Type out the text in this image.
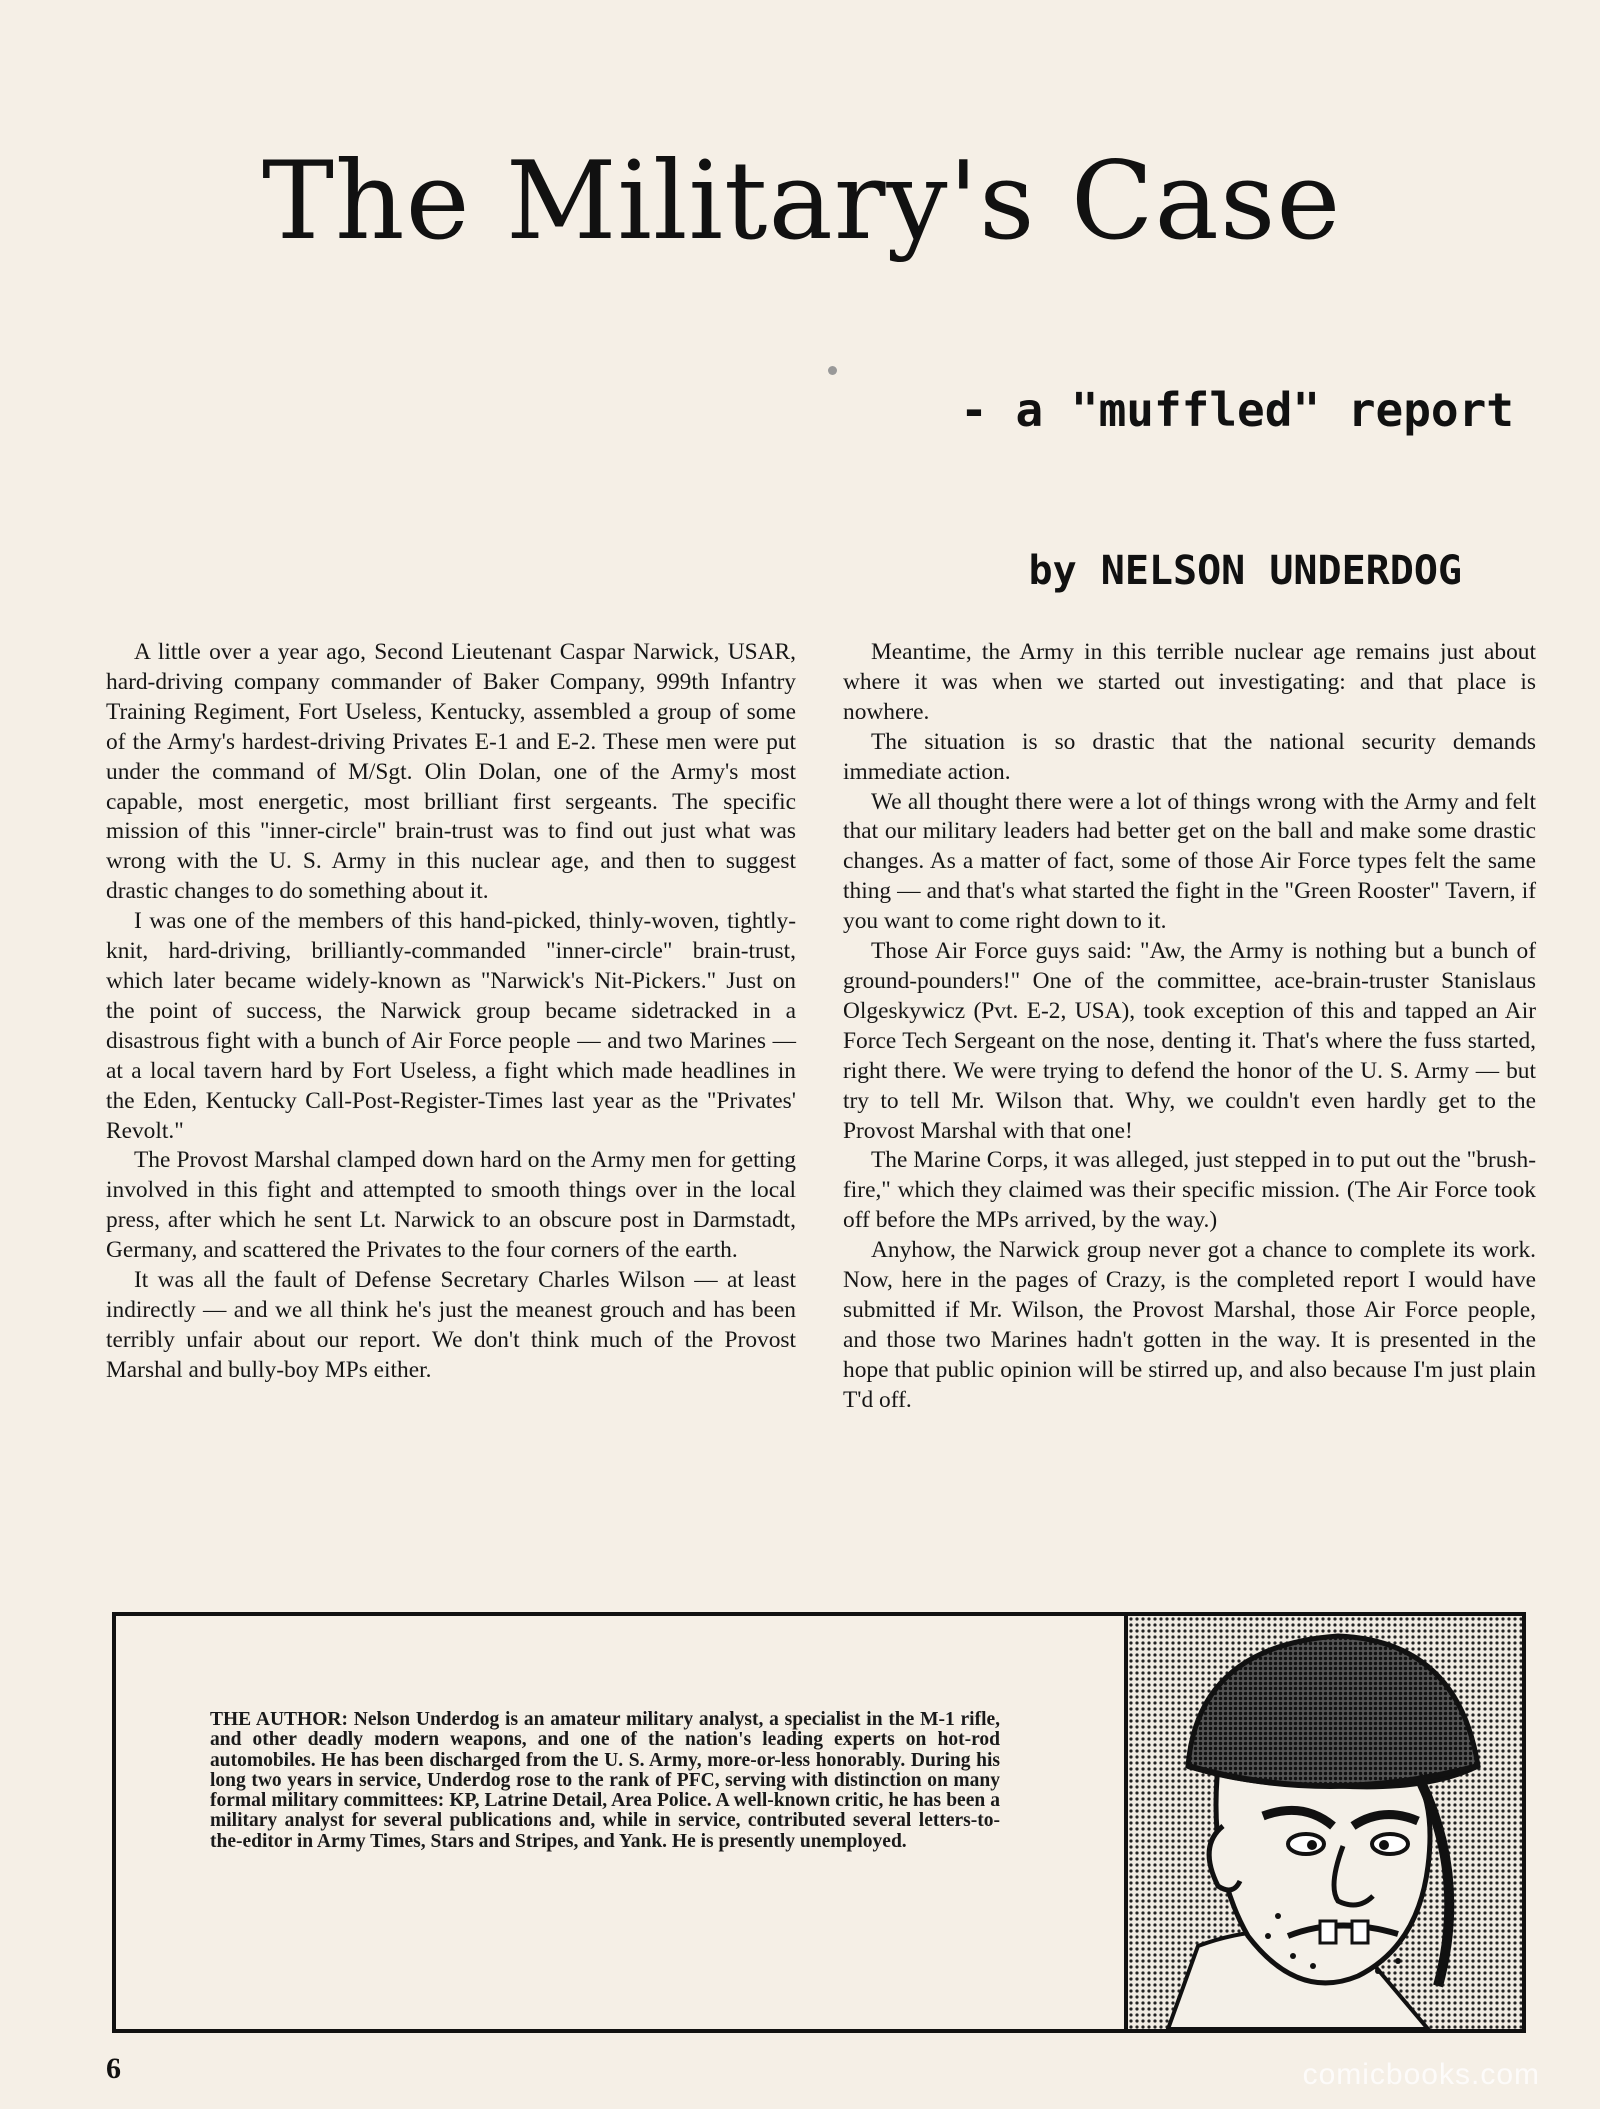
The Military's Case
- a "muffled" report
by NELSON UNDERDOG

A little over a year ago, Second Lieutenant Caspar Narwick, USAR, hard-driving company commander of Baker Company, 999th Infantry Training Regiment, Fort Useless, Kentucky, assembled a group of some of the Army's hardest-driving Privates E-1 and E-2. These men were put under the command of M/Sgt. Olin Dolan, one of the Army's most capable, most energetic, most brilliant first sergeants. The specific mission of this "inner-circle" brain-trust was to find out just what was wrong with the U. S. Army in this nuclear age, and then to suggest drastic changes to do something about it.

I was one of the members of this hand-picked, thinly-woven, tightly-knit, hard-driving, brilliantly-commanded "inner-circle" brain-trust, which later became widely-known as "Narwick's Nit-Pickers." Just on the point of success, the Narwick group became sidetracked in a disastrous fight with a bunch of Air Force people — and two Marines — at a local tavern hard by Fort Useless, a fight which made headlines in the Eden, Kentucky Call-Post-Register-Times last year as the "Privates' Revolt."

The Provost Marshal clamped down hard on the Army men for getting involved in this fight and attempted to smooth things over in the local press, after which he sent Lt. Narwick to an obscure post in Darmstadt, Germany, and scattered the Privates to the four corners of the earth.

It was all the fault of Defense Secretary Charles Wilson — at least indirectly — and we all think he's just the meanest grouch and has been terribly unfair about our report. We don't think much of the Provost Marshal and bully-boy MPs either.

Meantime, the Army in this terrible nuclear age remains just about where it was when we started out investigating: and that place is nowhere.

The situation is so drastic that the national security demands immediate action.

We all thought there were a lot of things wrong with the Army and felt that our military leaders had better get on the ball and make some drastic changes. As a matter of fact, some of those Air Force types felt the same thing — and that's what started the fight in the "Green Rooster" Tavern, if you want to come right down to it.

Those Air Force guys said: "Aw, the Army is nothing but a bunch of ground-pounders!" One of the committee, ace-brain-truster Stanislaus Olgeskywicz (Pvt. E-2, USA), took exception of this and tapped an Air Force Tech Sergeant on the nose, denting it. That's where the fuss started, right there. We were trying to defend the honor of the U. S. Army — but try to tell Mr. Wilson that. Why, we couldn't even hardly get to the Provost Marshal with that one!

The Marine Corps, it was alleged, just stepped in to put out the "brush-fire," which they claimed was their specific mission. (The Air Force took off before the MPs arrived, by the way.)

Anyhow, the Narwick group never got a chance to complete its work. Now, here in the pages of Crazy, is the completed report I would have submitted if Mr. Wilson, the Provost Marshal, those Air Force people, and those two Marines hadn't gotten in the way. It is presented in the hope that public opinion will be stirred up, and also because I'm just plain T'd off.

THE AUTHOR: Nelson Underdog is an amateur military analyst, a specialist in the M-1 rifle, and other deadly modern weapons, and one of the nation's leading experts on hot-rod automobiles. He has been discharged from the U. S. Army, more-or-less honorably. During his long two years in service, Underdog rose to the rank of PFC, serving with distinction on many formal military committees: KP, Latrine Detail, Area Police. A well-known critic, he has been a military analyst for several publications and, while in service, contributed several letters-to-the-editor in Army Times, Stars and Stripes, and Yank. He is presently unemployed.
6	comicbooks.com
